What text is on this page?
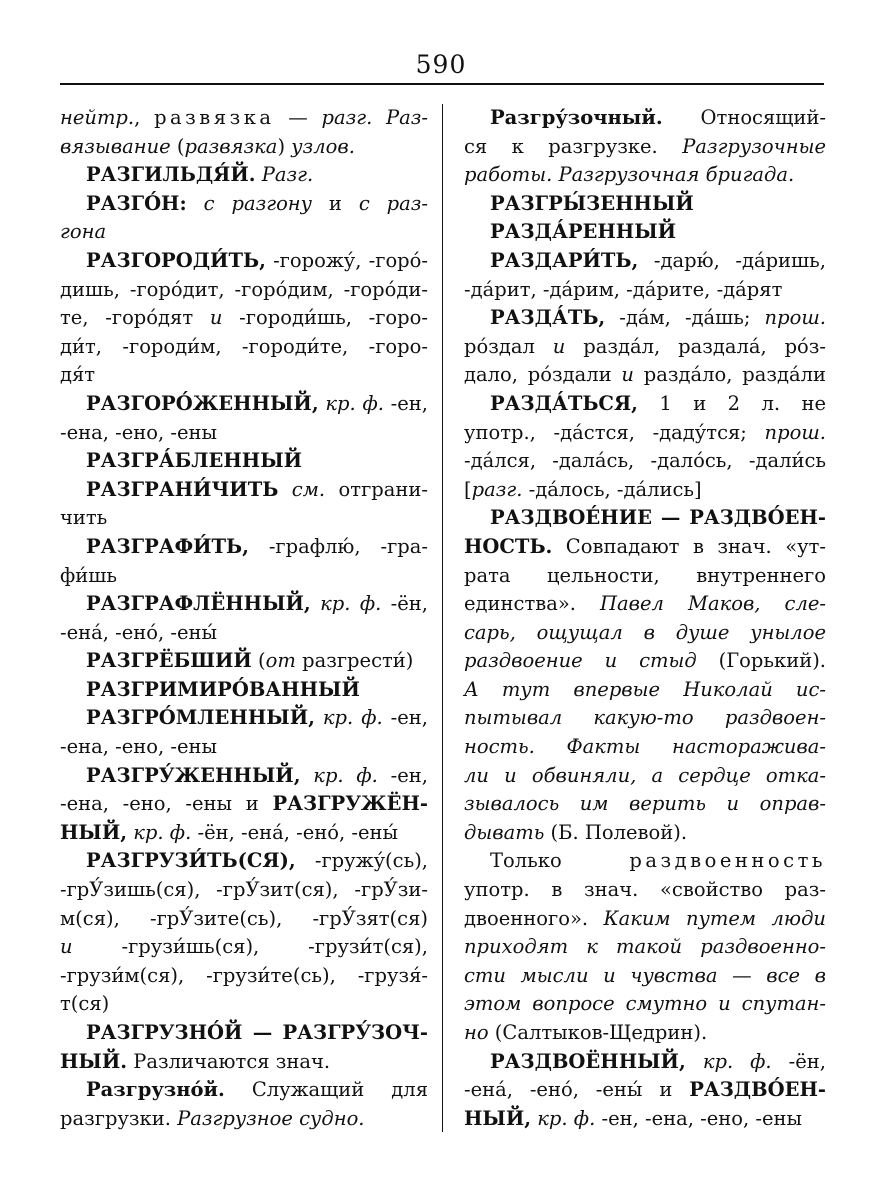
590
нейтр., развязка — разг. Раз-
вязывание (развязка) узлов.
РАЗГИЛЬДЯ́Й. Разг.
РАЗГО́Н: с разгону и с раз-
гона
РАЗГОРОДИ́ТЬ, -горожу́, -горо́-
дишь, -горо́дит, -горо́дим, -горо́ди-
те, -горо́дят и -городи́шь, -горо-
ди́т, -городи́м, -городи́те, -горо-
дя́т
РАЗГОРО́ЖЕННЫЙ, кр. ф. -ен,
-ена, -ено, -ены
РАЗГРА́БЛЕННЫЙ
РАЗГРАНИ́ЧИТЬ см. отграни-
чить
РАЗГРАФИ́ТЬ, -графлю́, -гра-
фи́шь
РАЗГРАФЛЁННЫЙ, кр. ф. -ён,
-ена́, -ено́, -ены́
РАЗГРЁБШИЙ (от разгрести́)
РАЗГРИМИРО́ВАННЫЙ
РАЗГРО́МЛЕННЫЙ, кр. ф. -ен,
-ена, -ено, -ены
РАЗГРУ́ЖЕННЫЙ, кр. ф. -ен,
-ена, -ено, -ены и РАЗГРУЖЁН-
НЫЙ, кр. ф. -ён, -ена́, -ено́, -ены́
РАЗГРУЗИ́ТЬ(СЯ), -гружу́(сь),
-грУ́зишь(ся), -грУ́зит(ся), -грУ́зи-
м(ся), -грУ́зите(сь), -грУ́зят(ся)
и -грузи́шь(ся), -грузи́т(ся),
-грузи́м(ся), -грузи́те(сь), -грузя́-
т(ся)
РАЗГРУЗНО́Й — РАЗГРУ́ЗОЧ-
НЫЙ. Различаются знач.
Разгрузно́й. Служащий для
разгрузки. Разгрузное судно.
Разгру́зочный. Относящий-
ся к разгрузке. Разгрузочные
работы. Разгрузочная бригада.
РАЗГРЫ́ЗЕННЫЙ
РАЗДА́РЕННЫЙ
РАЗДАРИ́ТЬ, -дарю́, -да́ришь,
-да́рит, -да́рим, -да́рите, -да́рят
РАЗДА́ТЬ, -да́м, -да́шь; прош.
ро́здал и разда́л, раздала́, ро́з-
дало, ро́здали и разда́ло, разда́ли
РАЗДА́ТЬСЯ, 1 и 2 л. не
употр., -да́стся, -даду́тся; прош.
-да́лся, -дала́сь, -дало́сь, -дали́сь
[разг. -да́лось, -да́лись]
РАЗДВОЕ́НИЕ — РАЗДВО́ЕН-
НОСТЬ. Совпадают в знач. «ут-
рата цельности, внутреннего
единства». Павел Маков, сле-
сарь, ощущал в душе унылое
раздвоение и стыд (Горький).
А тут впервые Николай ис-
пытывал какую-то раздвоен-
ность. Факты насторажива-
ли и обвиняли, а сердце отка-
зывалось им верить и оправ-
дывать (Б. Полевой).
Только раздвоенность
употр. в знач. «свойство раз-
двоенного». Каким путем люди
приходят к такой раздвоенно-
сти мысли и чувства — все в
этом вопросе смутно и спутан-
но (Салтыков-Щедрин).
РАЗДВОЁННЫЙ, кр. ф. -ён,
-ена́, -ено́, -ены́ и РАЗДВО́ЕН-
НЫЙ, кр. ф. -ен, -ена, -ено, -ены
